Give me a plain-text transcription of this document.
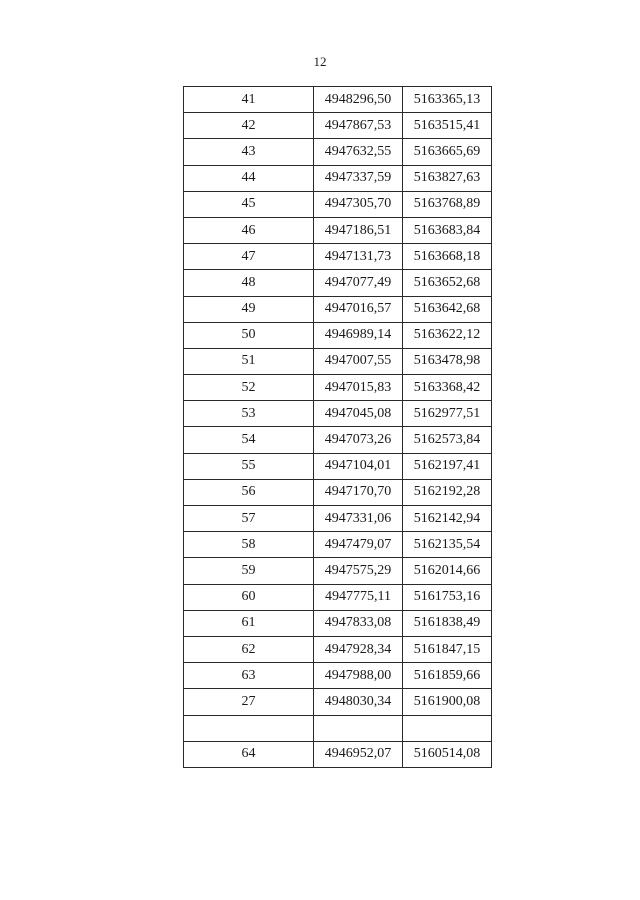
12
41	4948296,50	5163365,13
42	4947867,53	5163515,41
43	4947632,55	5163665,69
44	4947337,59	5163827,63
45	4947305,70	5163768,89
46	4947186,51	5163683,84
47	4947131,73	5163668,18
48	4947077,49	5163652,68
49	4947016,57	5163642,68
50	4946989,14	5163622,12
51	4947007,55	5163478,98
52	4947015,83	5163368,42
53	4947045,08	5162977,51
54	4947073,26	5162573,84
55	4947104,01	5162197,41
56	4947170,70	5162192,28
57	4947331,06	5162142,94
58	4947479,07	5162135,54
59	4947575,29	5162014,66
60	4947775,11	5161753,16
61	4947833,08	5161838,49
62	4947928,34	5161847,15
63	4947988,00	5161859,66
27	4948030,34	5161900,08

64	4946952,07	5160514,08
